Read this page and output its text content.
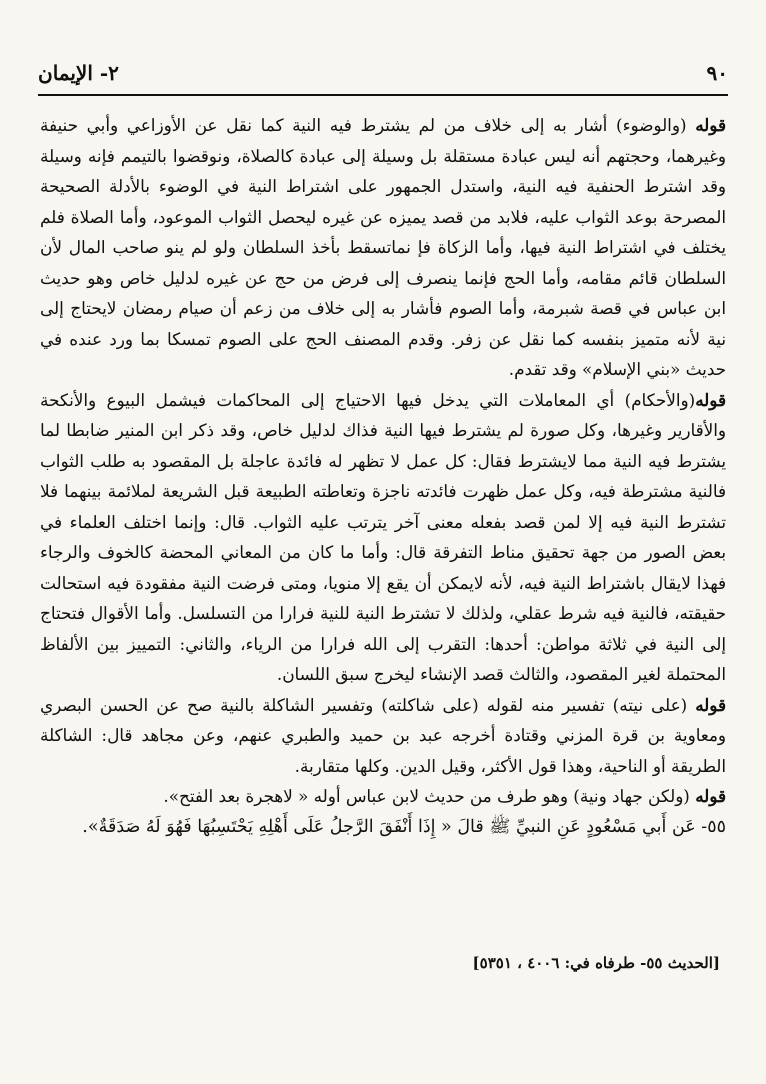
٩٠
٢- الإيمان

قوله (والوضوء) أشار به إلى خلاف من لم يشترط فيه النية كما نقل عن الأوزاعي وأبي حنيفة وغيرهما، وحجتهم أنه ليس عبادة مستقلة بل وسيلة إلى عبادة كالصلاة، ونوقضوا بالتيمم فإنه وسيلة وقد اشترط الحنفية فيه النية، واستدل الجمهور على اشتراط النية في الوضوء بالأدلة الصحيحة المصرحة بوعد الثواب عليه، فلابد من قصد يميزه عن غيره ليحصل الثواب الموعود، وأما الصلاة فلم يختلف في اشتراط النية فيها، وأما الزكاة فإ نماتسقط بأخذ السلطان ولو لم ينو صاحب المال لأن السلطان قائم مقامه، وأما الحج فإنما ينصرف إلى فرض من حج عن غيره لدليل خاص وهو حديث ابن عباس في قصة شبرمة، وأما الصوم فأشار به إلى خلاف من زعم أن صيام رمضان لايحتاج إلى نية لأنه متميز بنفسه كما نقل عن زفر. وقدم المصنف الحج على الصوم تمسكا بما ورد عنده في حديث «بني الإسلام» وقد تقدم.

قوله(والأحكام) أي المعاملات التي يدخل فيها الاحتياج إلى المحاكمات فيشمل البيوع والأنكحة والأقارير وغيرها، وكل صورة لم يشترط فيها النية فذاك لدليل خاص، وقد ذكر ابن المنير ضابطا لما يشترط فيه النية مما لايشترط فقال: كل عمل لا تظهر له فائدة عاجلة بل المقصود به طلب الثواب فالنية مشترطة فيه، وكل عمل ظهرت فائدته ناجزة وتعاطته الطبيعة قبل الشريعة لملائمة بينهما فلا تشترط النية فيه إلا لمن قصد بفعله معنى آخر يترتب عليه الثواب. قال: وإنما اختلف العلماء في بعض الصور من جهة تحقيق مناط التفرقة قال: وأما ما كان من المعاني المحضة كالخوف والرجاء فهذا لايقال باشتراط النية فيه، لأنه لايمكن أن يقع إلا منويا، ومتى فرضت النية مفقودة فيه استحالت حقيقته، فالنية فيه شرط عقلي، ولذلك لا تشترط النية للنية فرارا من التسلسل. وأما الأقوال فتحتاج إلى النية في ثلاثة مواطن: أحدها: التقرب إلى الله فرارا من الرياء، والثاني: التمييز بين الألفاظ المحتملة لغير المقصود، والثالث قصد الإنشاء ليخرج سبق اللسان.

قوله (على نيته) تفسير منه لقوله (على شاكلته) وتفسير الشاكلة بالنية صح عن الحسن البصري ومعاوية بن قرة المزني وقتادة أخرجه عبد بن حميد والطبري عنهم، وعن مجاهد قال: الشاكلة الطريقة أو الناحية، وهذا قول الأكثر، وقيل الدين. وكلها متقاربة.

قوله (ولكن جهاد ونية) وهو طرف من حديث لابن عباس أوله « لاهجرة بعد الفتح».

٥٥- عَن أَبي مَسْعُودٍ عَنِ النبيِّ ﷺ قالَ « إِذَا أَنْفَقَ الرَّجلُ عَلَى أَهْلِهِ يَحْتَسِبُهَا فَهُوَ لَهُ صَدَقَةٌ».

[الحديث ٥٥- طرفاه في: ٤٠٠٦ ، ٥٣٥١]
